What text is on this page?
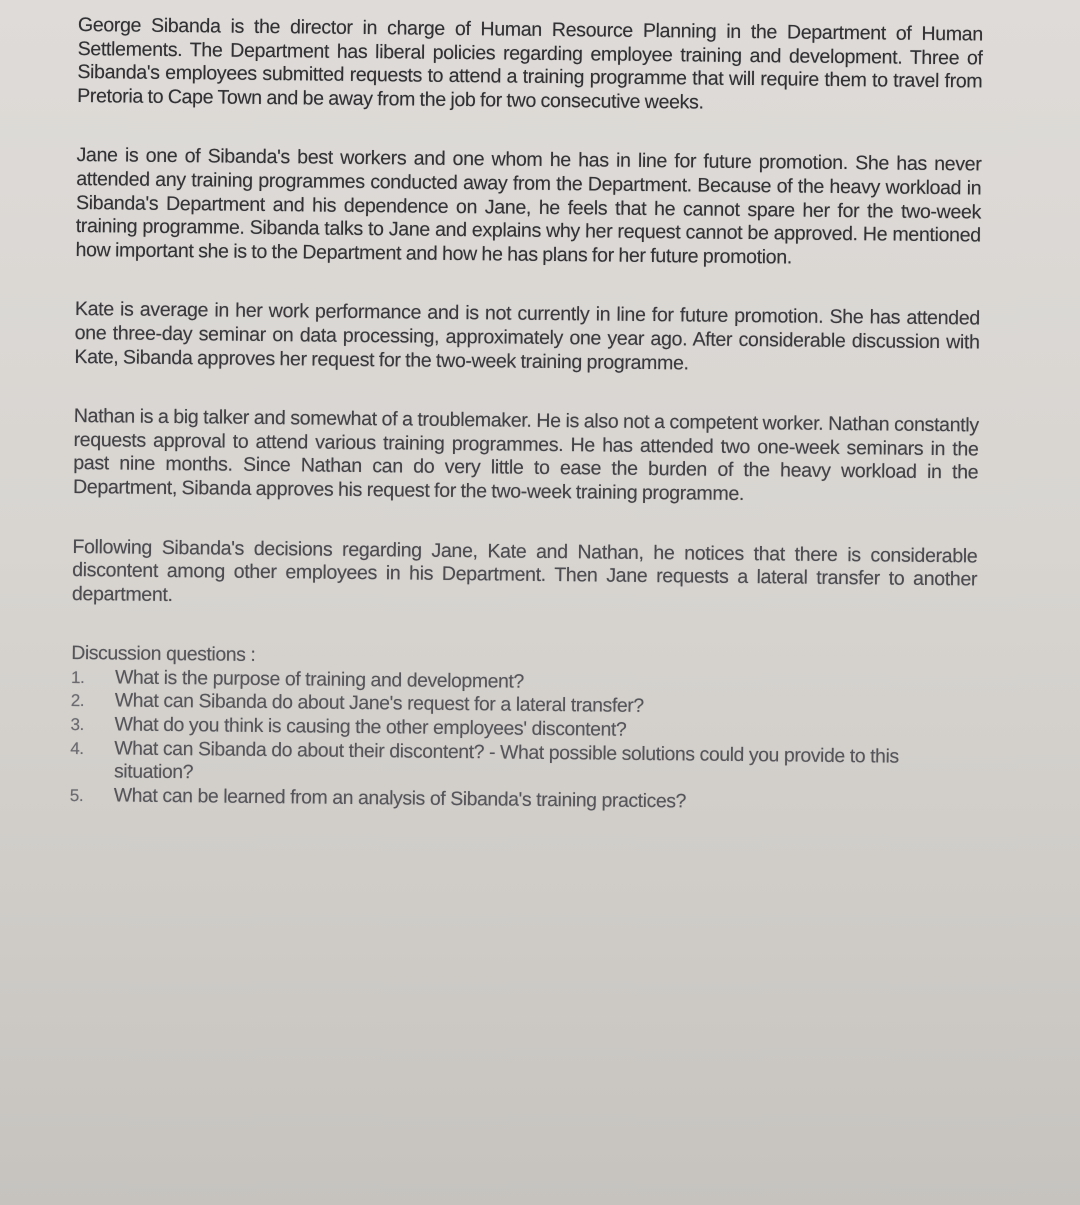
George Sibanda is the director in charge of Human Resource Planning in the Department of Human Settlements. The Department has liberal policies regarding employee training and development. Three of Sibanda's employees submitted requests to attend a training programme that will require them to travel from Pretoria to Cape Town and be away from the job for two consecutive weeks.

Jane is one of Sibanda's best workers and one whom he has in line for future promotion. She has never attended any training programmes conducted away from the Department. Because of the heavy workload in Sibanda's Department and his dependence on Jane, he feels that he cannot spare her for the two-week training programme. Sibanda talks to Jane and explains why her request cannot be approved. He mentioned how important she is to the Department and how he has plans for her future promotion.

Kate is average in her work performance and is not currently in line for future promotion. She has attended one three-day seminar on data processing, approximately one year ago. After considerable discussion with Kate, Sibanda approves her request for the two-week training programme.

Nathan is a big talker and somewhat of a troublemaker. He is also not a competent worker. Nathan constantly requests approval to attend various training programmes. He has attended two one-week seminars in the past nine months. Since Nathan can do very little to ease the burden of the heavy workload in the Department, Sibanda approves his request for the two-week training programme.

Following Sibanda's decisions regarding Jane, Kate and Nathan, he notices that there is considerable discontent among other employees in his Department. Then Jane requests a lateral transfer to another department.

Discussion questions :
1.	What is the purpose of training and development?
2.	What can Sibanda do about Jane's request for a lateral transfer?
3.	What do you think is causing the other employees' discontent?
4.	What can Sibanda do about their discontent? - What possible solutions could you provide to this situation?
5.	What can be learned from an analysis of Sibanda's training practices?
